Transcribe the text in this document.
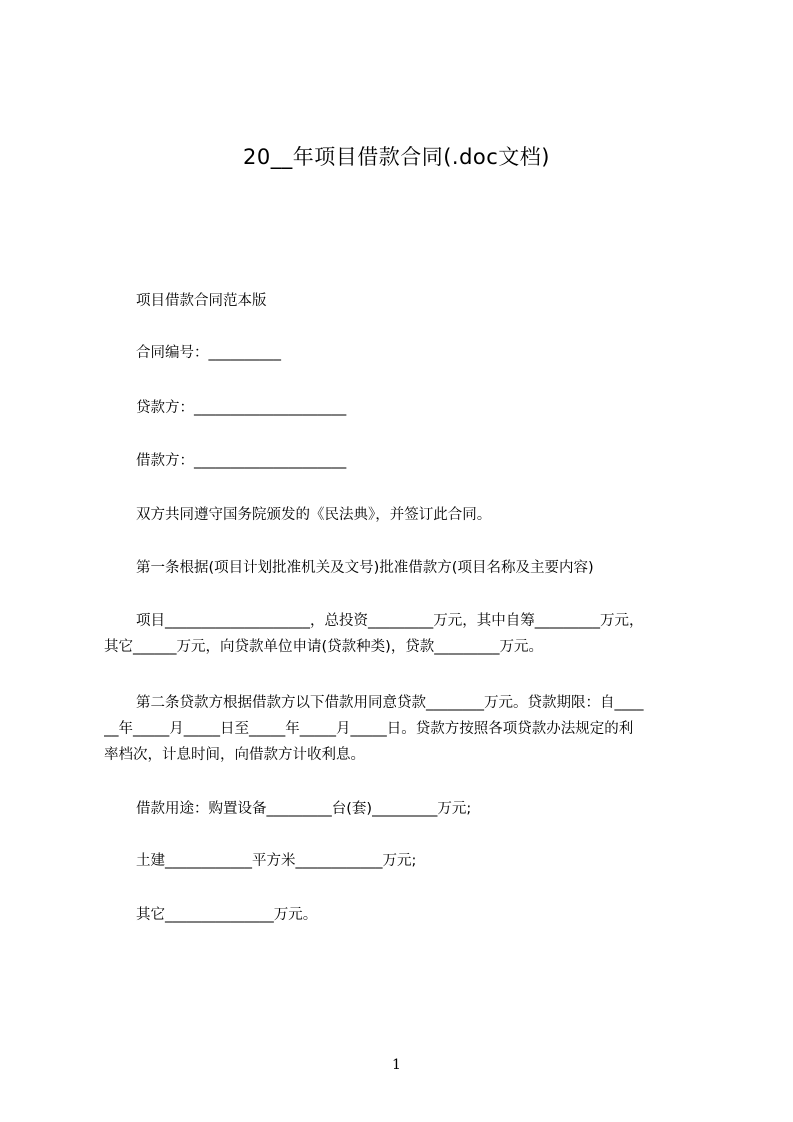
20__年项目借款合同(.doc文档)
项目借款合同范本版
合同编号：__________
贷款方：_____________________
借款方：_____________________
双方共同遵守国务院颁发的《民法典》，并签订此合同。
第一条根据(项目计划批准机关及文号)批准借款方(项目名称及主要内容)
项目____________________，总投资_________万元，其中自筹_________万元，
其它______万元，向贷款单位申请(贷款种类)，贷款_________万元。
第二条贷款方根据借款方以下借款用同意贷款________万元。贷款期限：自____
__年_____月_____日至_____年_____月_____日。贷款方按照各项贷款办法规定的利
率档次，计息时间，向借款方计收利息。
借款用途：购置设备_________台(套)_________万元;
土建____________平方米____________万元;
其它_______________万元。
1
